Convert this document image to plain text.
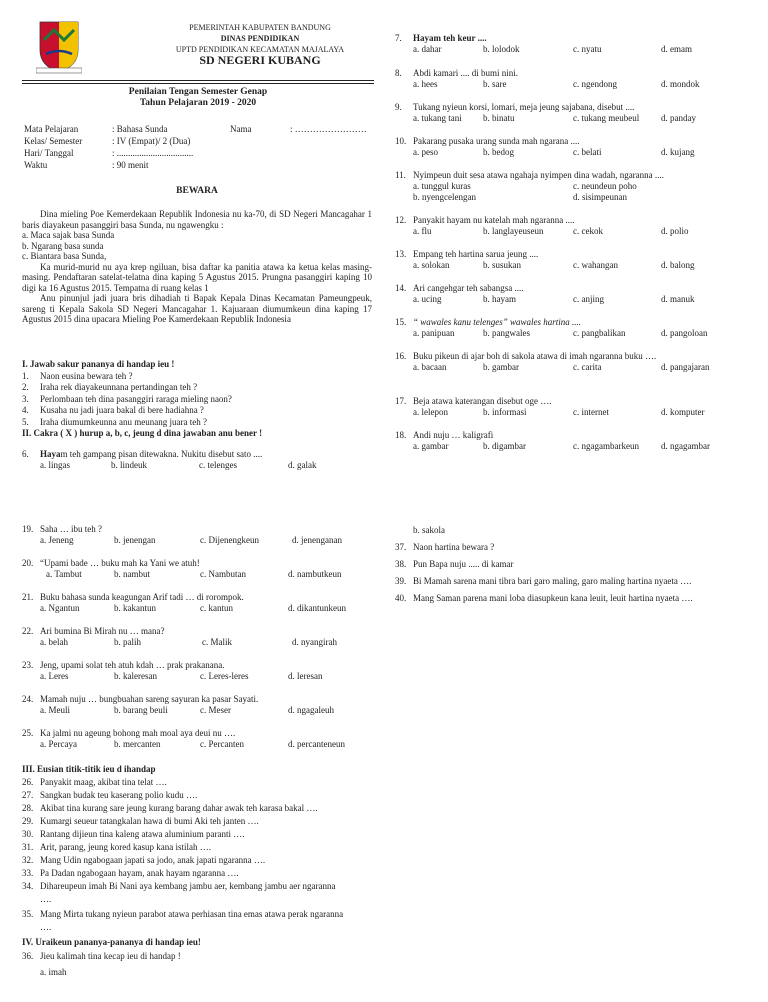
PEMERINTAH KABUPATEN BANDUNG
DINAS PENDIDIKAN
UPTD PENDIDIKAN KECAMATAN MAJALAYA
SD NEGERI KUBANG
Penilaian Tengan Semester Genap
Tahun Pelajaran 2019 - 2020
Mata Pelajaran	: Bahasa Sunda	Nama	: ……………………
Kelas/ Semester	: IV (Empat)/ 2 (Dua)
Hari/ Tanggal	: ..................................
Waktu	: 90 menit
BEWARA

Dina mieling Poe Kemerdekaan Republik Indonesia nu ka-70, di SD Negeri Mancagahar 1 baris diayakeun pasanggiri basa Sunda, nu ngawengku :

a. Maca sajak basa Sunda

b. Ngarang basa sunda

c. Biantara basa Sunda,

Ka murid-murid nu aya krep ngiluan, bisa daftar ka panitia atawa ka ketua kelas masing-masing. Pendaftaran satelat-telatna dina kaping 5 Agustus 2015. Prungna pasanggiri kaping 10 digi ka 16 Agustus 2015. Tempatna di ruang kelas 1

Anu pinunjul jadi juara bris dihadiah ti Bapak Kepala Dinas Kecamatan Pameungpeuk, sareng ti Kepala Sakola SD Negeri Mancagahar 1. Kajuaraan diumumkeun dina kaping 17 Agustus 2015 dina upacara Mieling Poe Kamerdekaan Republik Indonesia

I. Jawab sakur pananya di handap ieu !
1. Naon eusina bewara teh ?
2. Iraha rek diayakeunnana pertandingan teh ?
3. Perlombaan teh dina pasanggiri raraga mieling naon?
4. Kusaha nu jadi juara bakal di bere hadiahna ?
5. Iraha diumumkeunna anu meunang juara teh ?
II. Cakra ( X ) hurup a, b, c, jeung d dina jawaban anu bener !
6. Hayam teh gampang pisan ditewakna. Nukitu disebut sato ....
a. lingas	b. lindeuk	c. telenges	d. galak
19. Saha … ibu teh ?
a. Jeneng	b. jenengan	c. Dijenengkeun	d. jenenganan
20. “Upami bade … buku mah ka Yani we atuh!
a. Tambut	b. nambut	c. Nambutan	d. nambutkeun
21. Buku bahasa sunda keagungan Arif tadi … di rorompok.
a. Ngantun	b. kakantun	c. kantun	d. dikantunkeun
22. Ari bumina Bi Mirah nu … mana?
a. belah	b. palih	c. Malik	d. nyangirah
23. Jeng, upami solat teh atuh kdah … prak prakanana.
a. Leres	b. kaleresan	c. Leres-leres	d. leresan
24. Mamah nuju … bungbuahan sareng sayuran ka pasar Sayati.
a. Meuli	b. barang beuli	c. Meser	d. ngagaleuh
25. Ka jalmi nu ageung bohong mah moal aya deui nu ….
a. Percaya	b. mercanten	c. Percanten	d. percanteneun
III. Eusian titik-titik ieu d ihandap
26. Panyakit maag, akibat tina telat ….
27. Sangkan budak teu kaserang polio kudu ….
28. Akibat tina kurang sare jeung kurang barang dahar awak teh karasa bakal ….
29. Kumargi seueur tatangkalan hawa di bumi Aki teh janten ….
30. Rantang dijieun tina kaleng atawa aluminium paranti ….
31. Arit, parang, jeung kored kasup kana istilah ….
32. Mang Udin ngabogaan japati sa jodo, anak japati ngaranna ….
33. Pa Dadan ngabogaan hayam, anak hayam ngaranna ….
34. Dihareupeun imah Bi Nani aya kembang jambu aer, kembang jambu aer ngaranna
….
35. Mang Mirta tukang nyieun parabot atawa perhiasan tina emas atawa perak ngaranna
….
IV. Uraikeun pananya-pananya di handap ieu!
36. Jieu kalimah tina kecap ieu di handap !
a. imah
7. Hayam teh keur ....
a. dahar	b. lolodok	c. nyatu	d. emam
8. Abdi kamari .... di bumi nini.
a. hees	b. sare	c. ngendong	d. mondok
9. Tukang nyieun korsi, lomari, meja jeung sajabana, disebut ....
a. tukang tani b. binatu	c. tukang meubeul d. panday
10. Pakarang pusaka urang sunda mah ngarana ....
a. peso	b. bedog	c. belati	d. kujang
11. Nyimpeun duit sesa atawa ngahaja nyimpen dina wadah, ngaranna ....
a. tunggul kuras	c. neundeun poho
b. nyengcelengan	d. sisimpeunan
12. Panyakit hayam nu katelah mah ngaranna ....
a. flu	b. langlayeuseun	c. cekok	d. polio
13. Empang teh hartina sarua jeung ....
a. solokan	b. susukan	c. wahangan	d. balong
14. Ari cangehgar teh sabangsa ....
a. ucing	b. hayam	c. anjing	d. manuk
15. “ wawales kanu telenges” wawales hartina ....
a. panipuan	b. pangwales	c. pangbalikan	d. pangoloan
16. Buku pikeun di ajar boh di sakola atawa di imah ngaranna buku ….
a. bacaan	b. gambar	c. carita	d. pangajaran
17. Beja atawa katerangan disebut oge ….
a. lelepon	b. informasi	c. internet	d. komputer
18. Andi nuju … kaligrafi
a. gambar	b. digambar	c. ngagambarkeun d. ngagambar
b. sakola
37. Naon hartina bewara ?
38. Pun Bapa nuju ..... di kamar
39. Bi Mamah sarena mani tibra bari garo maling, garo maling hartina nyaeta ….
40. Mang Saman parena mani loba diasupkeun kana leuit, leuit hartina nyaeta ….
